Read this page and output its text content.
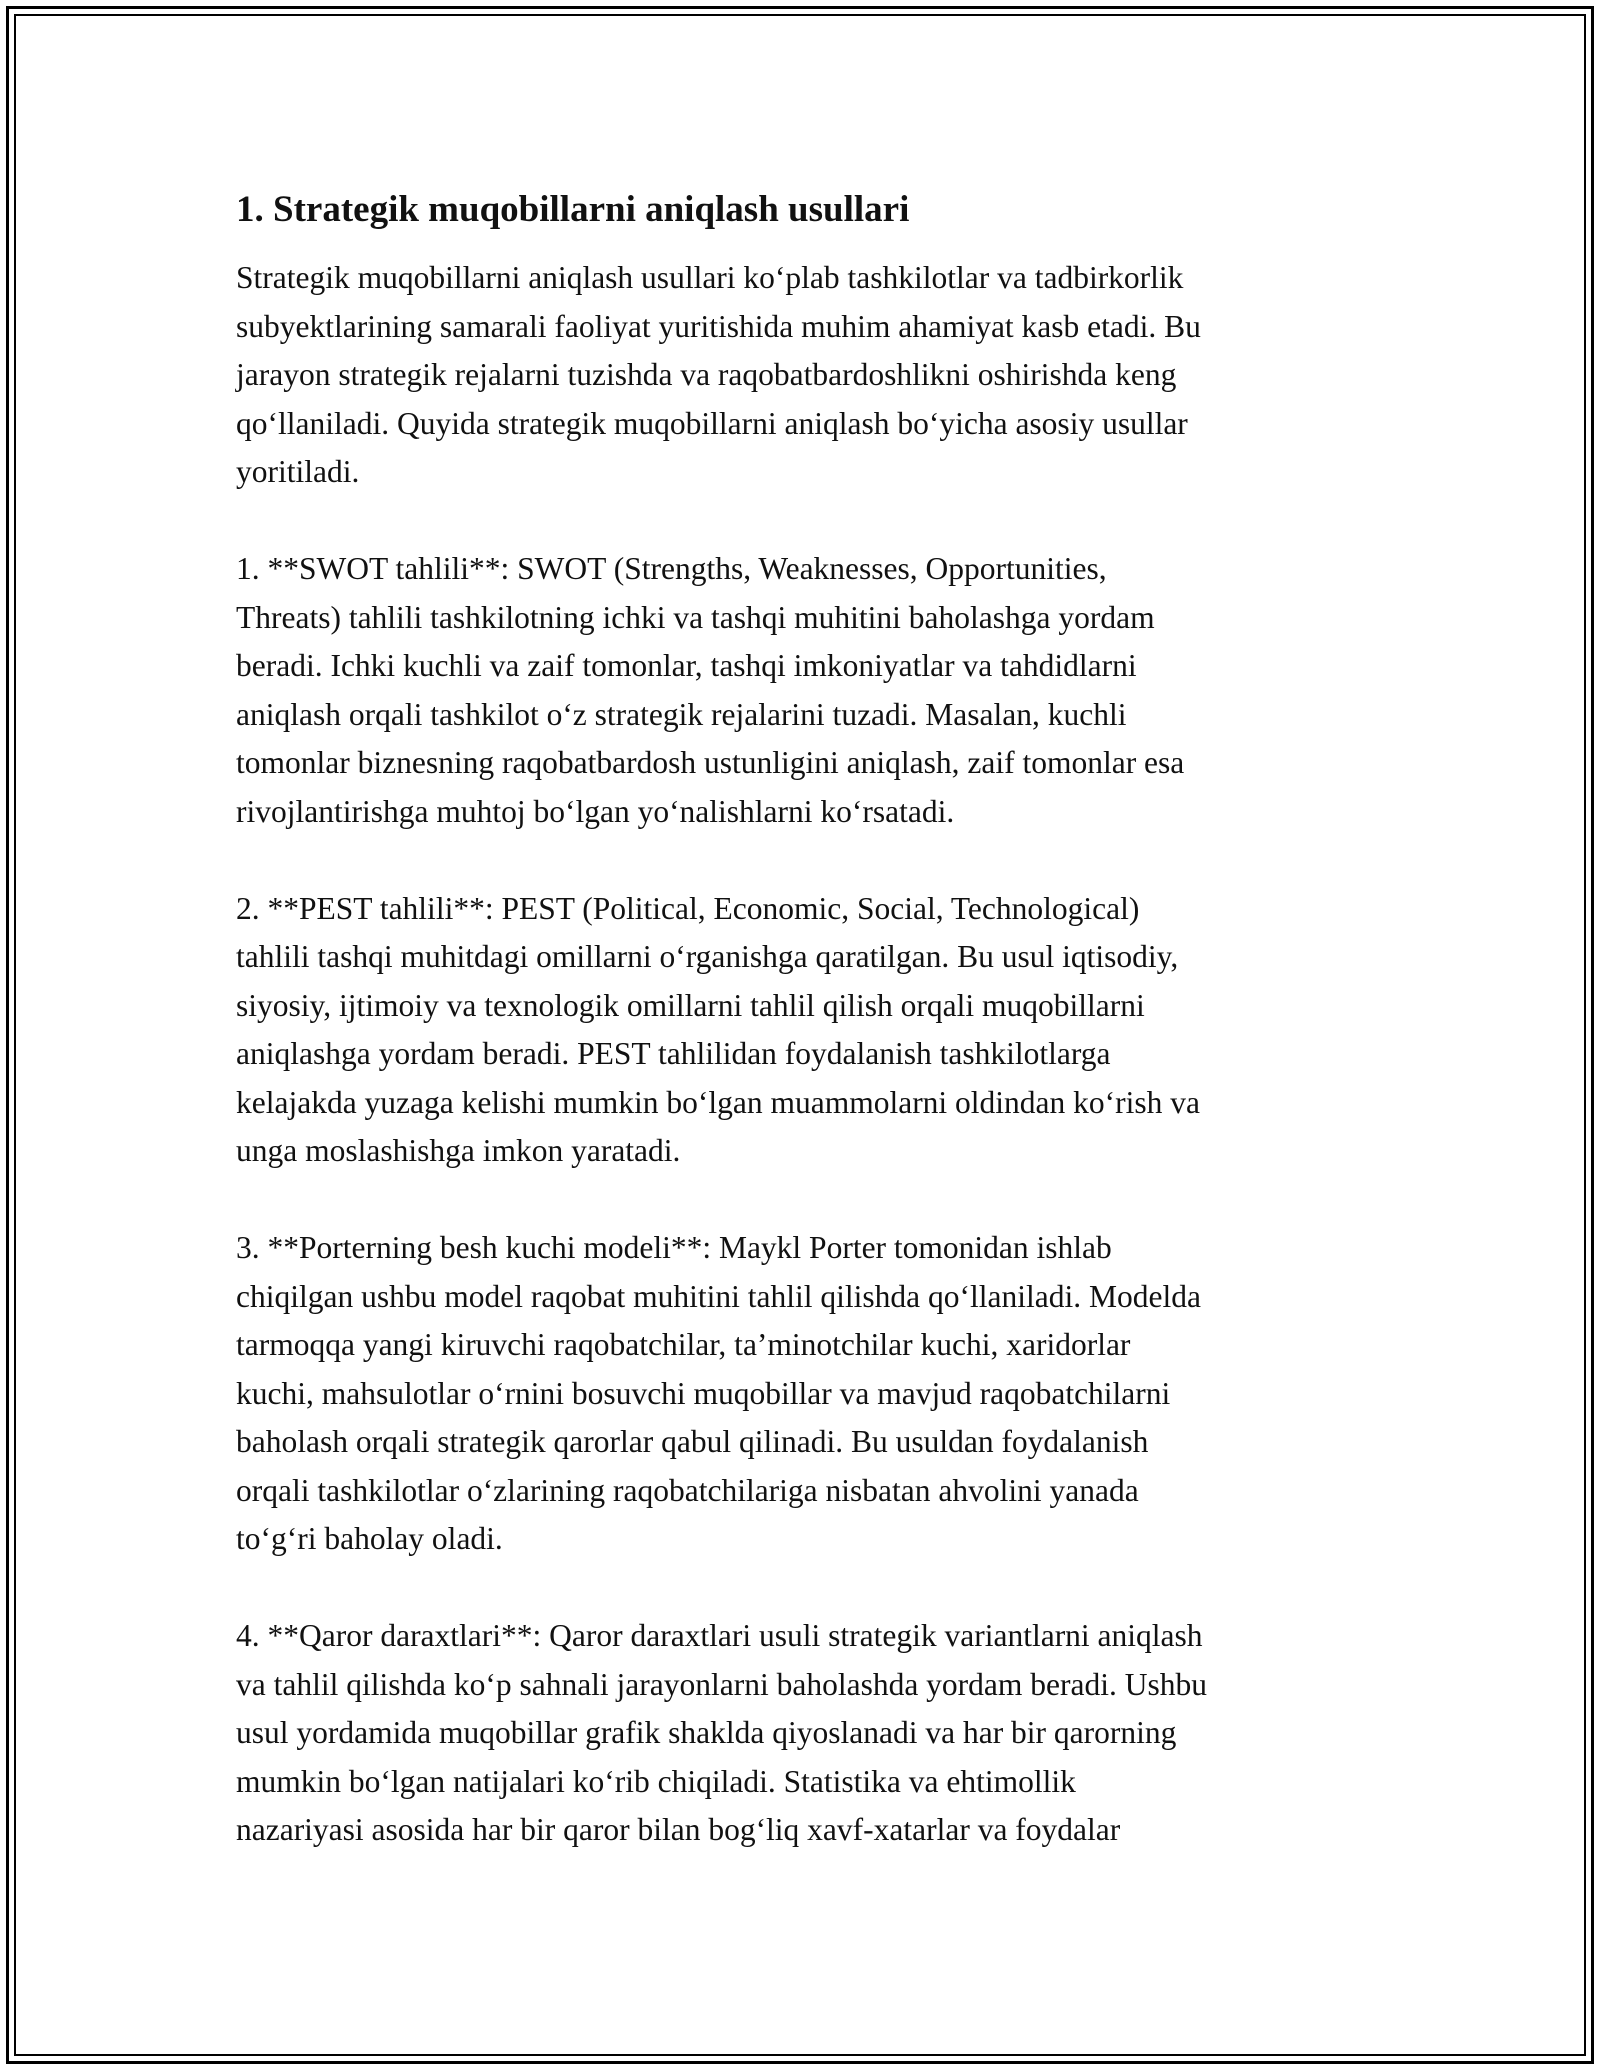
1. Strategik muqobillarni aniqlash usullari

Strategik muqobillarni aniqlash usullari ko‘plab tashkilotlar va tadbirkorlik
subyektlarining samarali faoliyat yuritishida muhim ahamiyat kasb etadi. Bu
jarayon strategik rejalarni tuzishda va raqobatbardoshlikni oshirishda keng
qo‘llaniladi. Quyida strategik muqobillarni aniqlash bo‘yicha asosiy usullar
yoritiladi.

1. **SWOT tahlili**: SWOT (Strengths, Weaknesses, Opportunities,
Threats) tahlili tashkilotning ichki va tashqi muhitini baholashga yordam
beradi. Ichki kuchli va zaif tomonlar, tashqi imkoniyatlar va tahdidlarni
aniqlash orqali tashkilot o‘z strategik rejalarini tuzadi. Masalan, kuchli
tomonlar biznesning raqobatbardosh ustunligini aniqlash, zaif tomonlar esa
rivojlantirishga muhtoj bo‘lgan yo‘nalishlarni ko‘rsatadi.

2. **PEST tahlili**: PEST (Political, Economic, Social, Technological)
tahlili tashqi muhitdagi omillarni o‘rganishga qaratilgan. Bu usul iqtisodiy,
siyosiy, ijtimoiy va texnologik omillarni tahlil qilish orqali muqobillarni
aniqlashga yordam beradi. PEST tahlilidan foydalanish tashkilotlarga
kelajakda yuzaga kelishi mumkin bo‘lgan muammolarni oldindan ko‘rish va
unga moslashishga imkon yaratadi.

3. **Porterning besh kuchi modeli**: Maykl Porter tomonidan ishlab
chiqilgan ushbu model raqobat muhitini tahlil qilishda qo‘llaniladi. Modelda
tarmoqqa yangi kiruvchi raqobatchilar, ta’minotchilar kuchi, xaridorlar
kuchi, mahsulotlar o‘rnini bosuvchi muqobillar va mavjud raqobatchilarni
baholash orqali strategik qarorlar qabul qilinadi. Bu usuldan foydalanish
orqali tashkilotlar o‘zlarining raqobatchilariga nisbatan ahvolini yanada
to‘g‘ri baholay oladi.

4. **Qaror daraxtlari**: Qaror daraxtlari usuli strategik variantlarni aniqlash
va tahlil qilishda ko‘p sahnali jarayonlarni baholashda yordam beradi. Ushbu
usul yordamida muqobillar grafik shaklda qiyoslanadi va har bir qarorning
mumkin bo‘lgan natijalari ko‘rib chiqiladi. Statistika va ehtimollik
nazariyasi asosida har bir qaror bilan bog‘liq xavf-xatarlar va foydalar
